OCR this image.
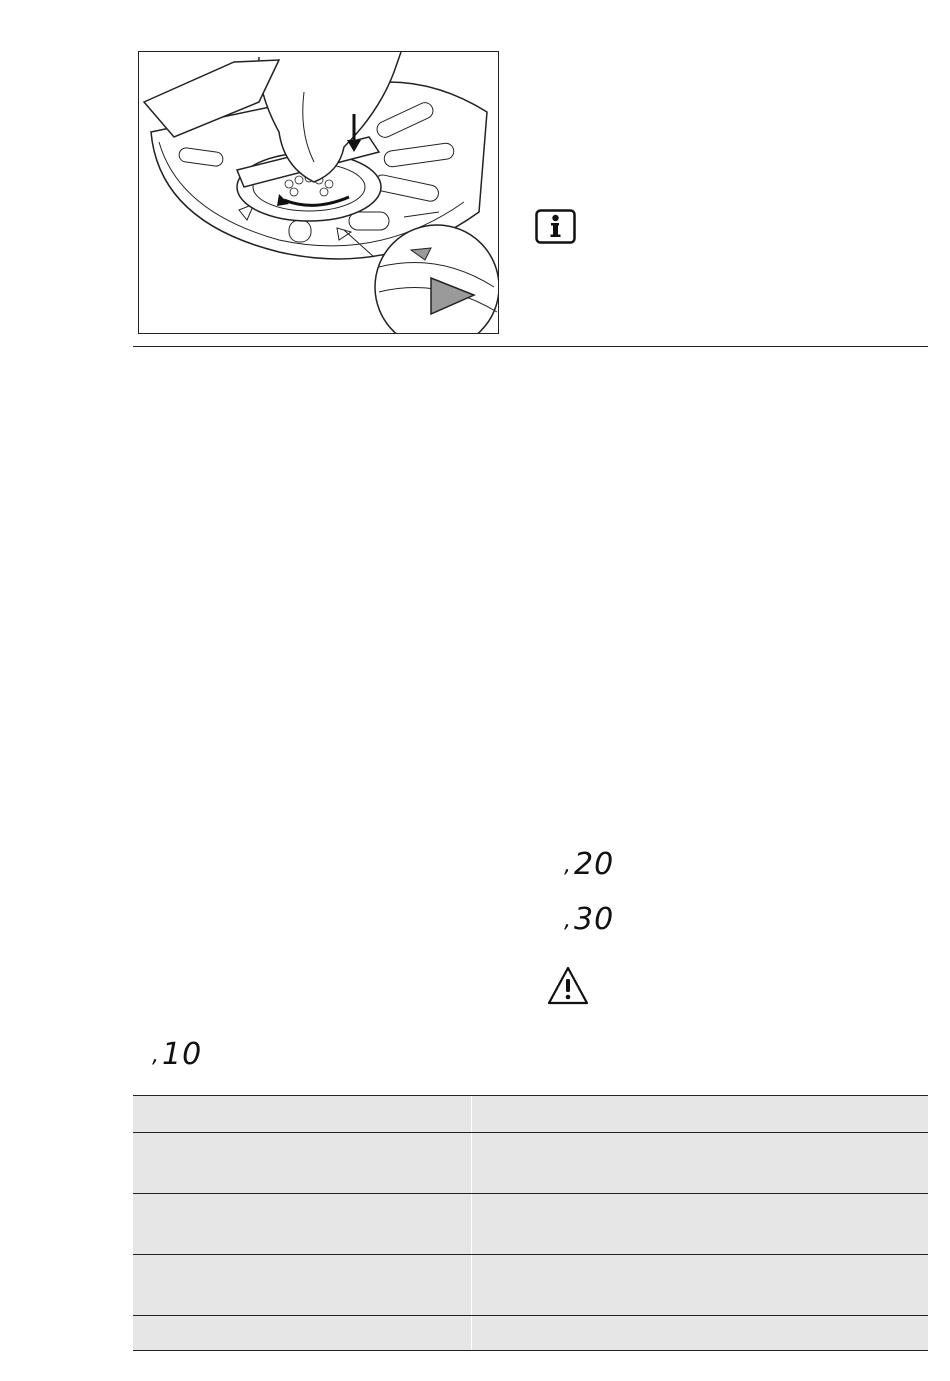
,20
,30
,10
